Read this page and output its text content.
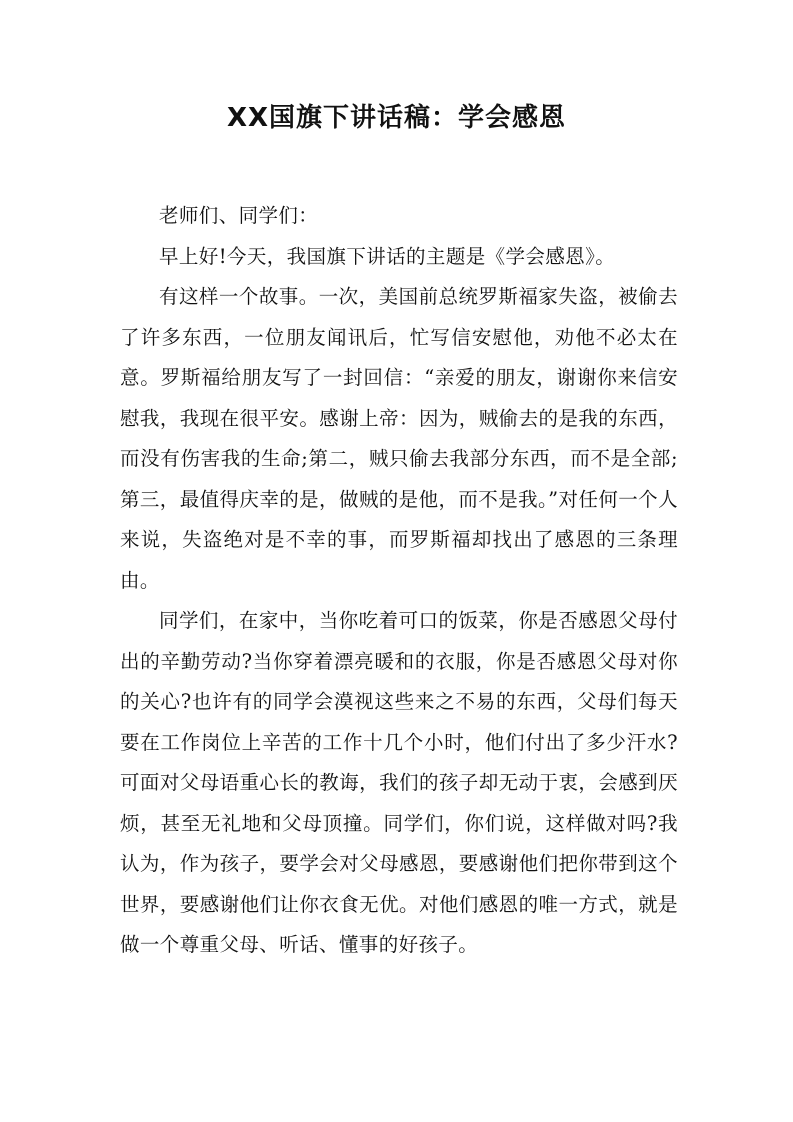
XX国旗下讲话稿：学会感恩

老师们、同学们：

早上好!今天，我国旗下讲话的主题是《学会感恩》。

有这样一个故事。一次，美国前总统罗斯福家失盗，被偷去了许多东西，一位朋友闻讯后，忙写信安慰他，劝他不必太在意。罗斯福给朋友写了一封回信：“亲爱的朋友，谢谢你来信安慰我，我现在很平安。感谢上帝：因为，贼偷去的是我的东西，而没有伤害我的生命;第二，贼只偷去我部分东西，而不是全部;第三，最值得庆幸的是，做贼的是他，而不是我。”对任何一个人来说，失盗绝对是不幸的事，而罗斯福却找出了感恩的三条理由。

同学们，在家中，当你吃着可口的饭菜，你是否感恩父母付出的辛勤劳动?当你穿着漂亮暖和的衣服，你是否感恩父母对你的关心?也许有的同学会漠视这些来之不易的东西，父母们每天要在工作岗位上辛苦的工作十几个小时，他们付出了多少汗水?可面对父母语重心长的教诲，我们的孩子却无动于衷，会感到厌烦，甚至无礼地和父母顶撞。同学们，你们说，这样做对吗?我认为，作为孩子，要学会对父母感恩，要感谢他们把你带到这个世界，要感谢他们让你衣食无优。对他们感恩的唯一方式，就是做一个尊重父母、听话、懂事的好孩子。
